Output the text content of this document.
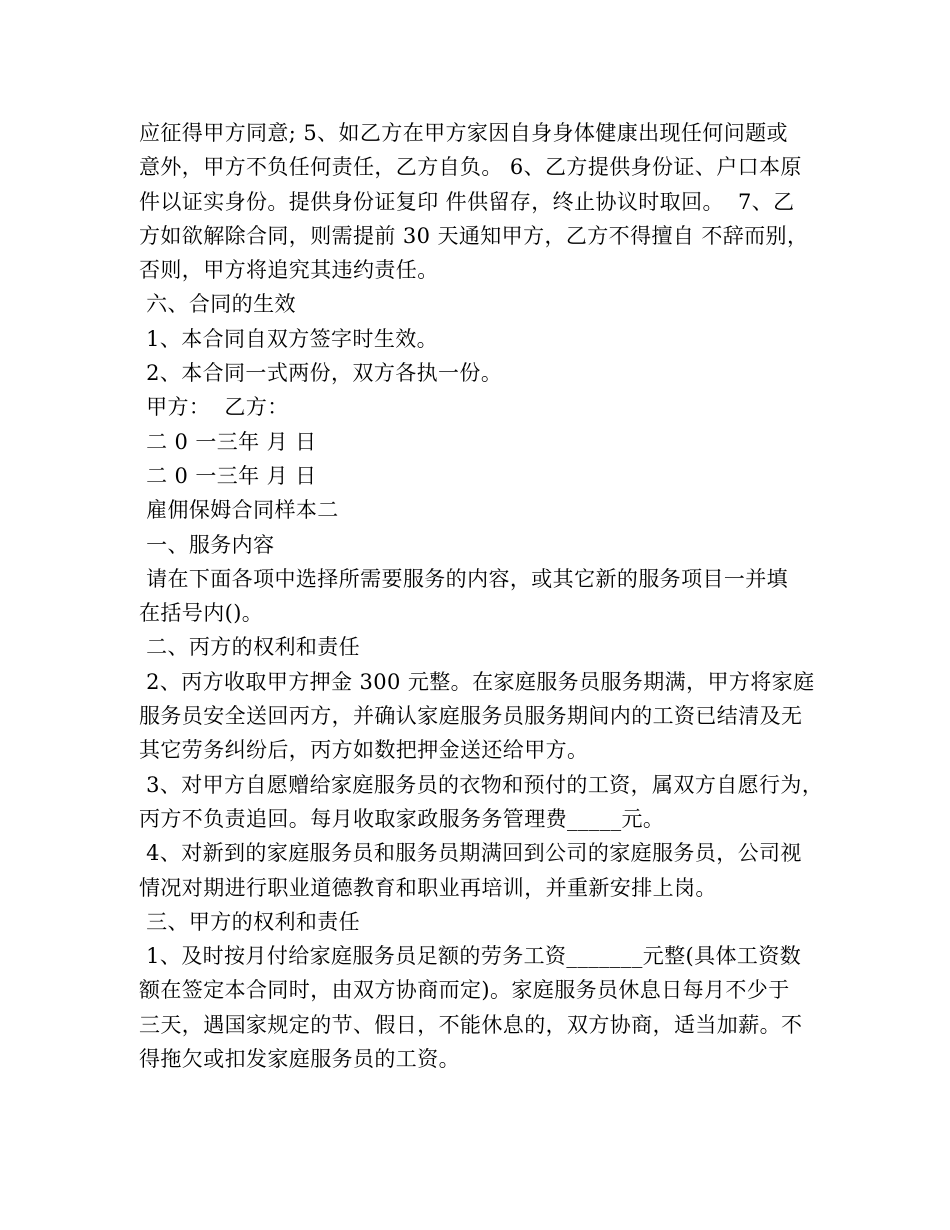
应征得甲方同意; 5、如乙方在甲方家因自身身体健康出现任何问题或
意外，甲方不负任何责任，乙方自负。 6、乙方提供身份证、户口本原
件以证实身份。提供身份证复印 件供留存，终止协议时取回。  7、乙
方如欲解除合同，则需提前 30 天通知甲方，乙方不得擅自 不辞而别，
否则，甲方将追究其违约责任。
六、合同的生效
1、本合同自双方签字时生效。
2、本合同一式两份，双方各执一份。
甲方：  乙方：
二 0 一三年 月 日
二 0 一三年 月 日
雇佣保姆合同样本二
一、服务内容
请在下面各项中选择所需要服务的内容，或其它新的服务项目一并填
在括号内()。
二、丙方的权利和责任
2、丙方收取甲方押金 300 元整。在家庭服务员服务期满，甲方将家庭
服务员安全送回丙方，并确认家庭服务员服务期间内的工资已结清及无
其它劳务纠纷后，丙方如数把押金送还给甲方。
3、对甲方自愿赠给家庭服务员的衣物和预付的工资，属双方自愿行为，
丙方不负责追回。每月收取家政服务务管理费_____元。
4、对新到的家庭服务员和服务员期满回到公司的家庭服务员，公司视
情况对期进行职业道德教育和职业再培训，并重新安排上岗。
三、甲方的权利和责任
1、及时按月付给家庭服务员足额的劳务工资_______元整(具体工资数
额在签定本合同时，由双方协商而定)。家庭服务员休息日每月不少于
三天，遇国家规定的节、假日，不能休息的，双方协商，适当加薪。不
得拖欠或扣发家庭服务员的工资。
